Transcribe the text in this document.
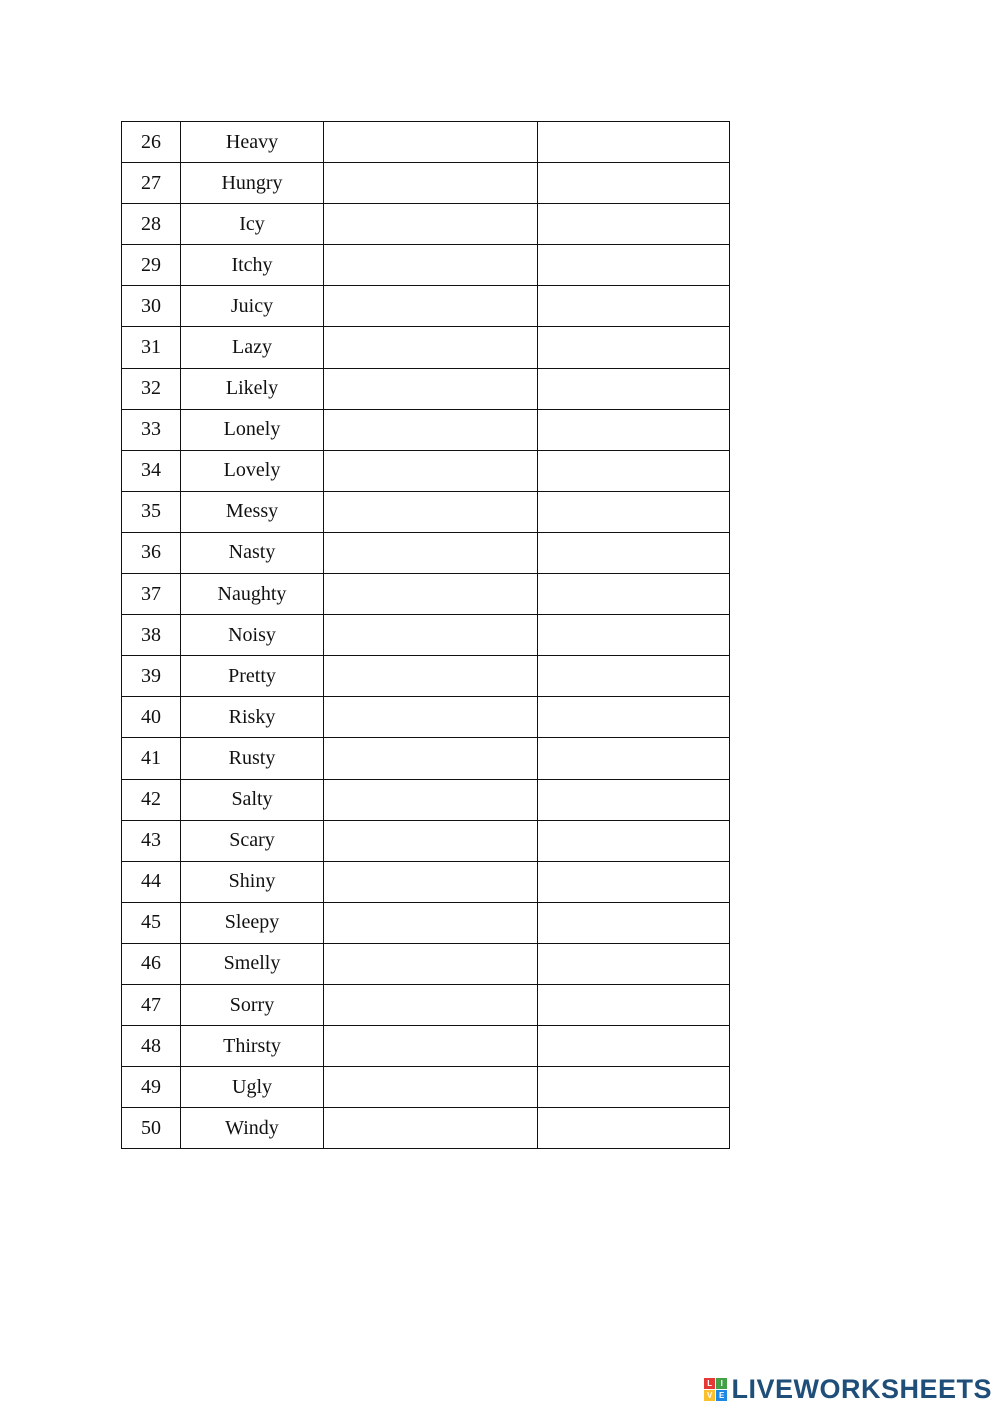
26	Heavy		
27	Hungry		
28	Icy		
29	Itchy		
30	Juicy		
31	Lazy		
32	Likely		
33	Lonely		
34	Lovely		
35	Messy		
36	Nasty		
37	Naughty		
38	Noisy		
39	Pretty		
40	Risky		
41	Rusty		
42	Salty		
43	Scary		
44	Shiny		
45	Sleepy		
46	Smelly		
47	Sorry		
48	Thirsty		
49	Ugly		
50	Windy		
L I
V E LIVEWORKSHEETS
